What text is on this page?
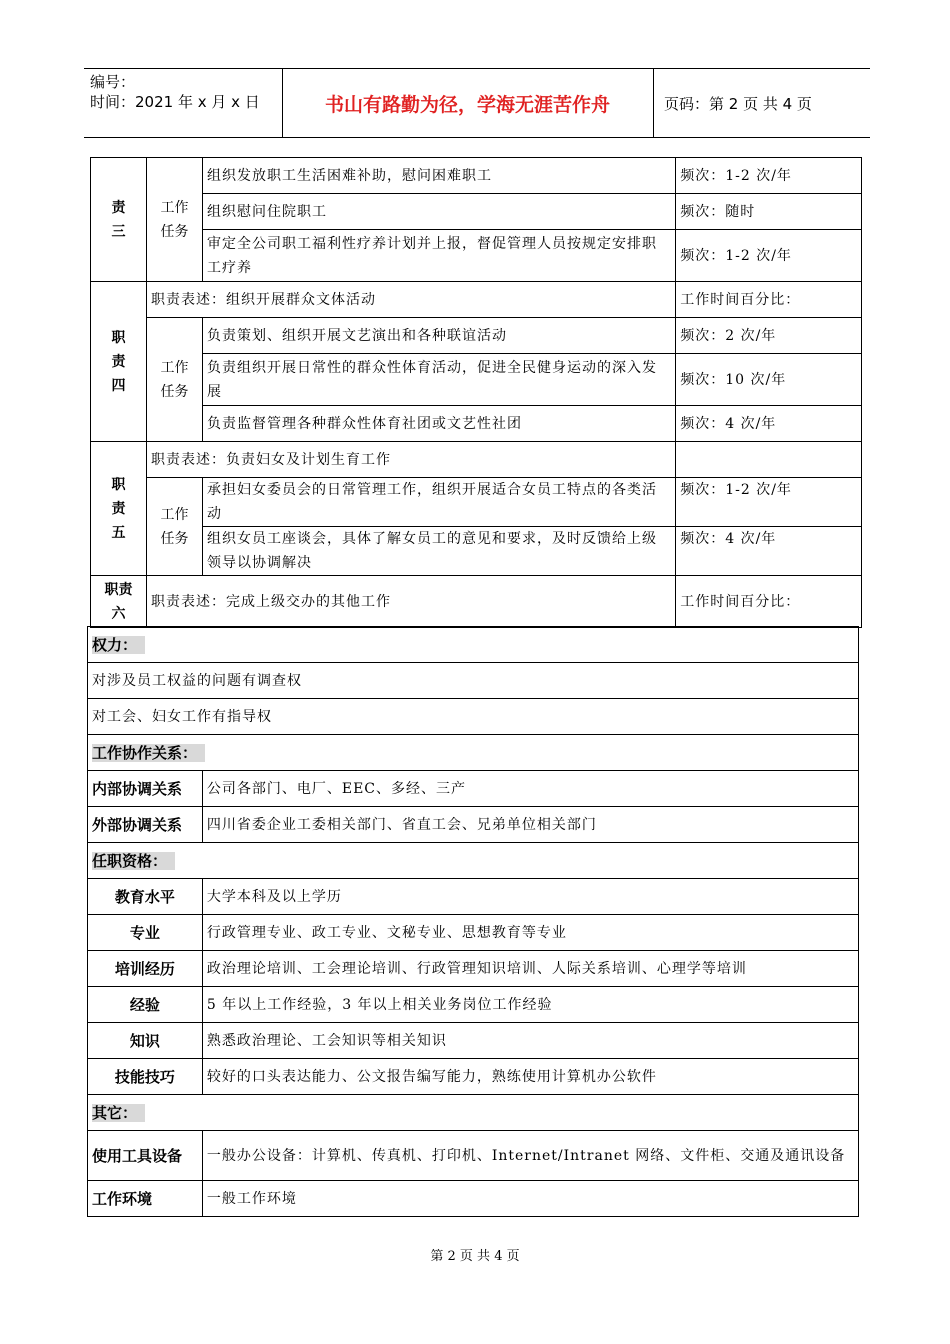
编号：
时间：2021 年 x 月 x 日	书山有路勤为径，学海无涯苦作舟	页码：第 2 页 共 4 页
责三	工作任务	组织发放职工生活困难补助，慰问困难职工	频次：1-2 次/年
		组织慰问住院职工	频次：随时
		审定全公司职工福利性疗养计划并上报，督促管理人员按规定安排职工疗养	频次：1-2 次/年
职责四	职责表述：组织开展群众文体活动		工作时间百分比：
	工作任务	负责策划、组织开展文艺演出和各种联谊活动	频次：2 次/年
		负责组织开展日常性的群众性体育活动，促进全民健身运动的深入发展	频次：10 次/年
		负责监督管理各种群众性体育社团或文艺性社团	频次：4 次/年
职责五	职责表述：负责妇女及计划生育工作		
	工作任务	承担妇女委员会的日常管理工作，组织开展适合女员工特点的各类活动	频次：1-2 次/年
		组织女员工座谈会，具体了解女员工的意见和要求，及时反馈给上级领导以协调解决	频次：4 次/年
职责六	职责表述：完成上级交办的其他工作		工作时间百分比：
权力：	
对涉及员工权益的问题有调查权	
对工会、妇女工作有指导权	
工作协作关系：	
内部协调关系	公司各部门、电厂、EEC、多经、三产
外部协调关系	四川省委企业工委相关部门、省直工会、兄弟单位相关部门
任职资格：	
教育水平	大学本科及以上学历
专业	行政管理专业、政工专业、文秘专业、思想教育等专业
培训经历	政治理论培训、工会理论培训、行政管理知识培训、人际关系培训、心理学等培训
经验	5 年以上工作经验，3 年以上相关业务岗位工作经验
知识	熟悉政治理论、工会知识等相关知识
技能技巧	较好的口头表达能力、公文报告编写能力，熟练使用计算机办公软件
其它：	
使用工具设备	一般办公设备：计算机、传真机、打印机、Internet/Intranet 网络、文件柜、交通及通讯设备
工作环境	一般工作环境
第 2 页 共 4 页
